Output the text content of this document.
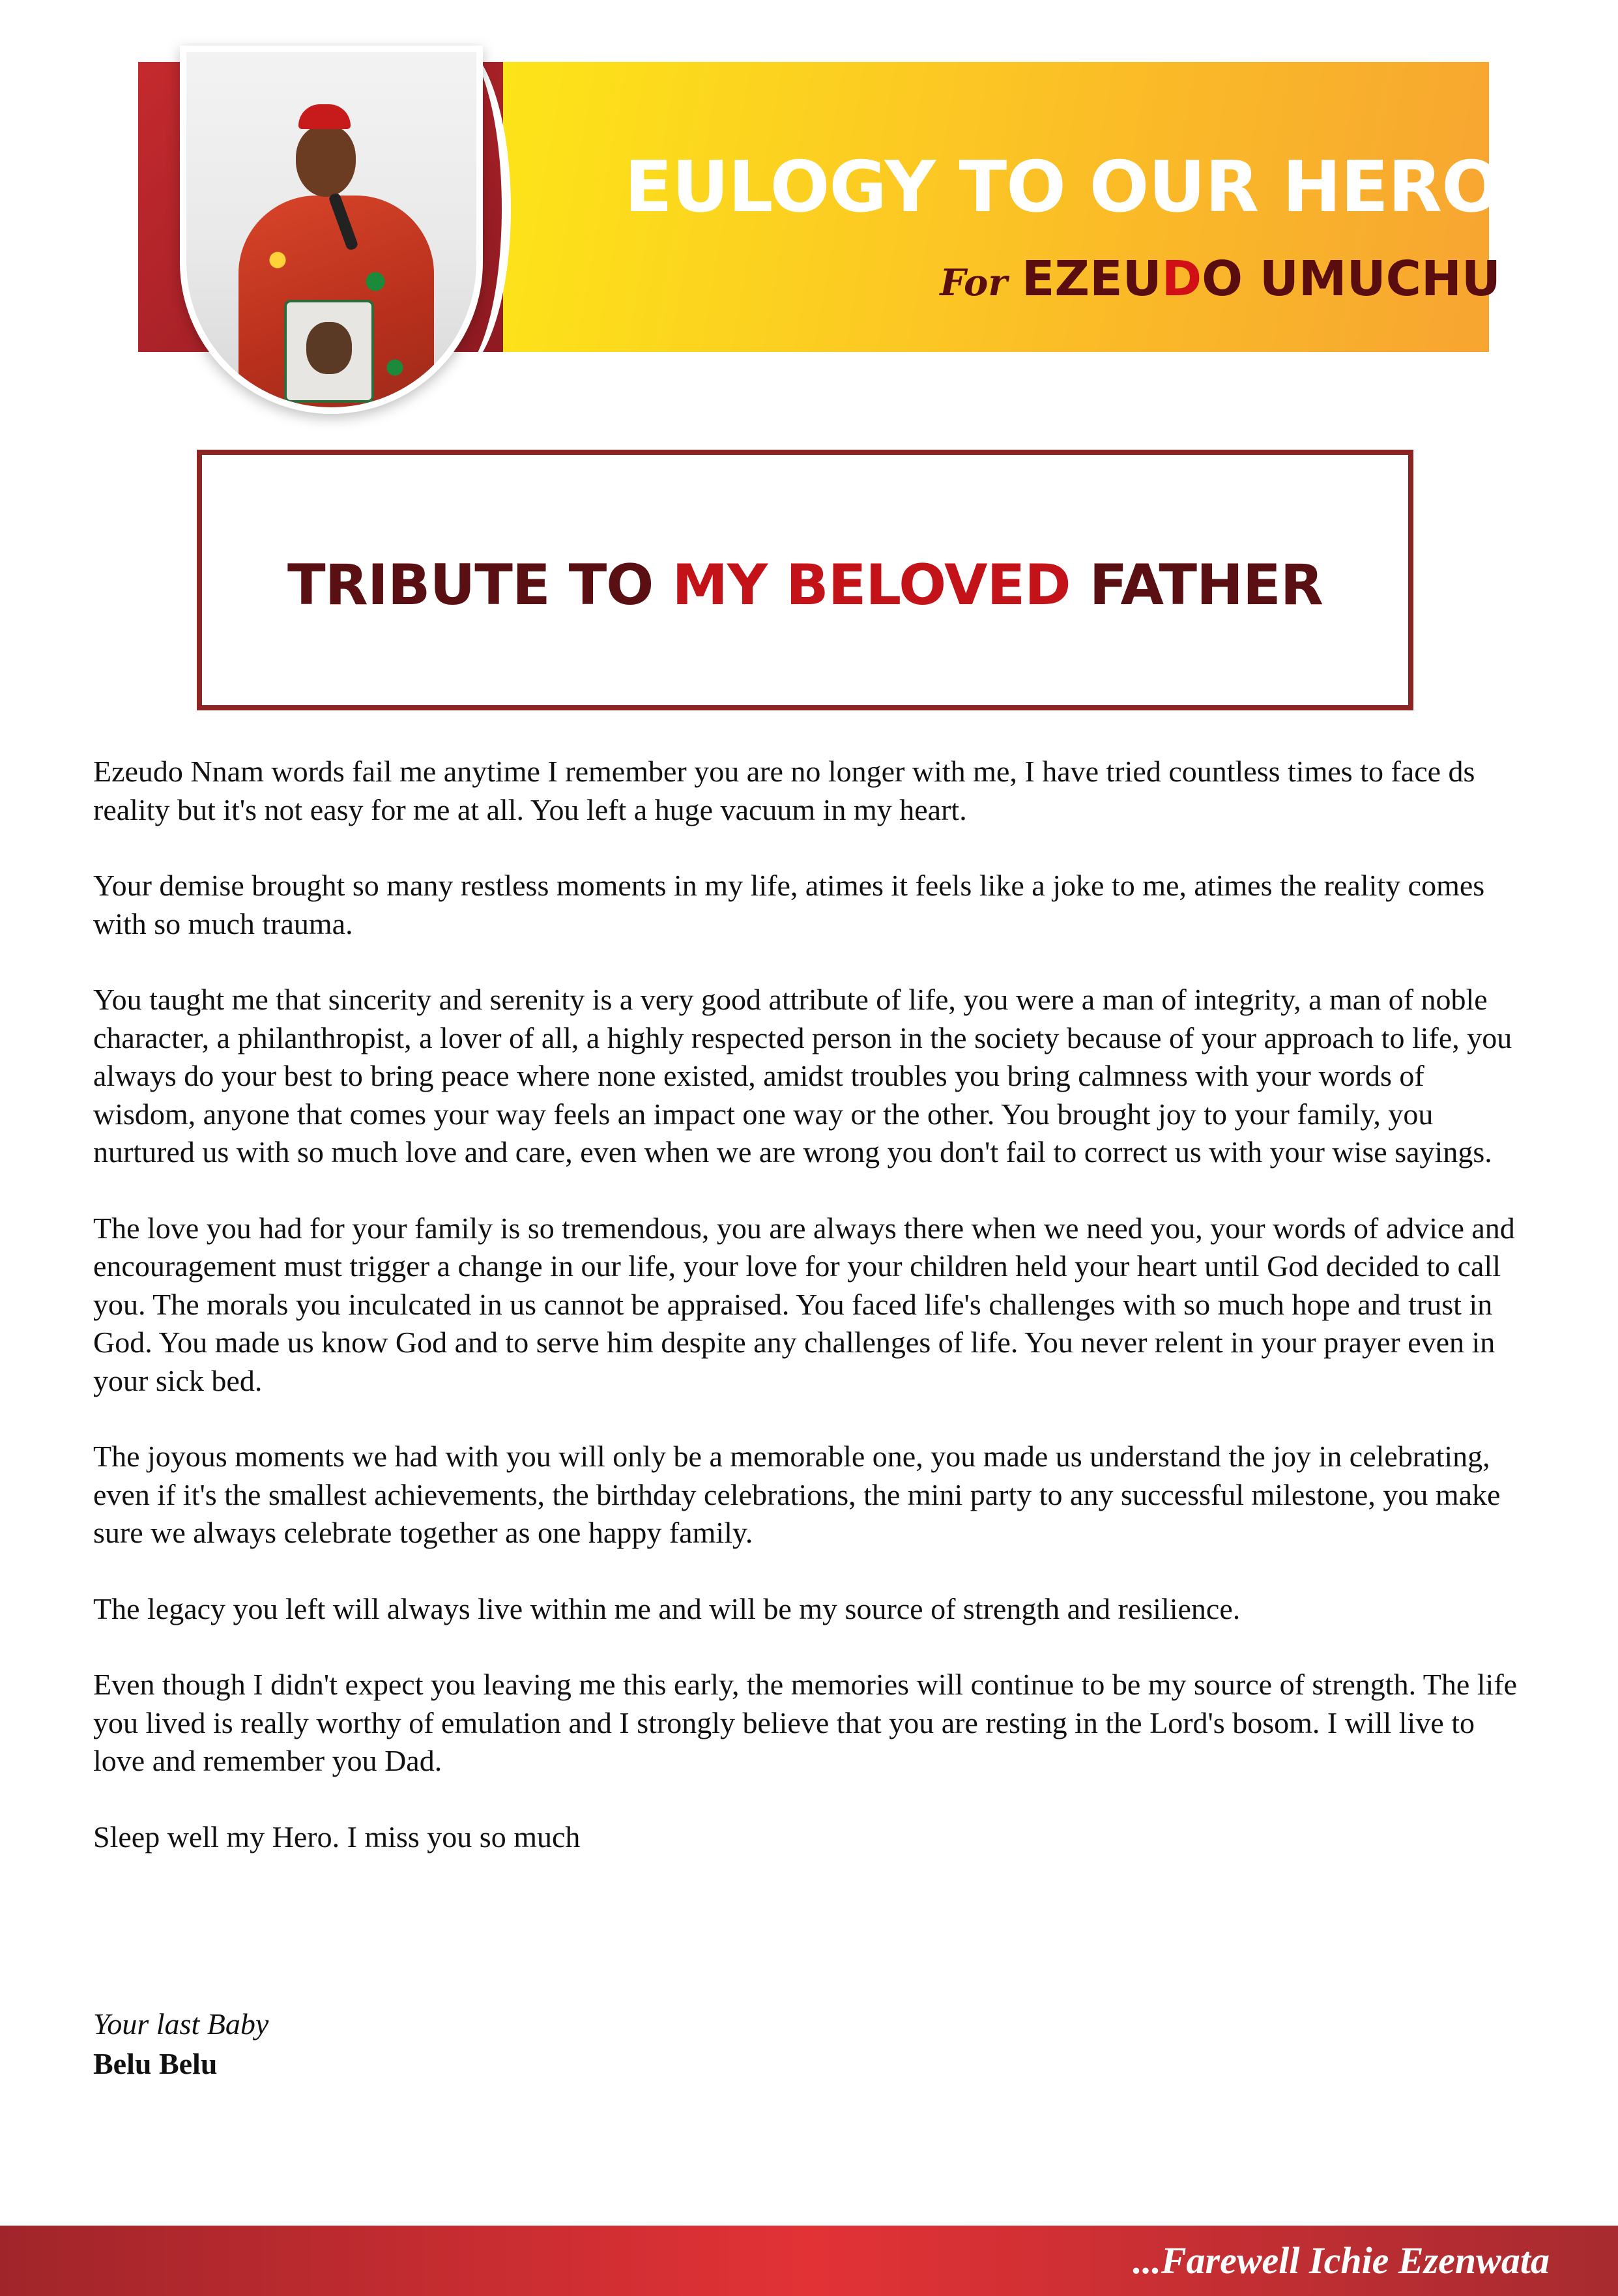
EULOGY TO OUR HERO
For EZEUDO UMUCHU
TRIBUTE TO MY BELOVED FATHER

Ezeudo Nnam words fail me anytime I remember you are no longer with me, I have tried countless times to face ds reality but it's not easy for me at all. You left a huge vacuum in my heart.

Your demise brought so many restless moments in my life, atimes it feels like a joke to me, atimes the reality comes with so much trauma.

You taught me that sincerity and serenity is a very good attribute of life, you were a man of integrity, a man of noble character, a philanthropist, a lover of all, a highly respected person in the society because of your approach to life, you always do your best to bring peace where none existed, amidst troubles you bring calmness with your words of wisdom, anyone that comes your way feels an impact one way or the other. You brought joy to your family, you nurtured us with so much love and care, even when we are wrong you don't fail to correct us with your wise sayings.

The love you had for your family is so tremendous, you are always there when we need you, your words of advice and encouragement must trigger a change in our life, your love for your children held your heart until God decided to call you. The morals you inculcated in us cannot be appraised. You faced life's challenges with so much hope and trust in God. You made us know God and to serve him despite any challenges of life. You never relent in your prayer even in your sick bed.

The joyous moments we had with you will only be a memorable one, you made us understand the joy in celebrating, even if it's the smallest achievements, the birthday celebrations, the mini party to any successful milestone, you make sure we always celebrate together as one happy family.

The legacy you left will always live within me and will be my source of strength and resilience.

Even though I didn't expect you leaving me this early, the memories will continue to be my source of strength. The life you lived is really worthy of emulation and I strongly believe that you are resting in the Lord's bosom. I will live to love and remember you Dad.

Sleep well my Hero. I miss you so much

Your last Baby
Belu Belu

...Farewell Ichie Ezenwata
